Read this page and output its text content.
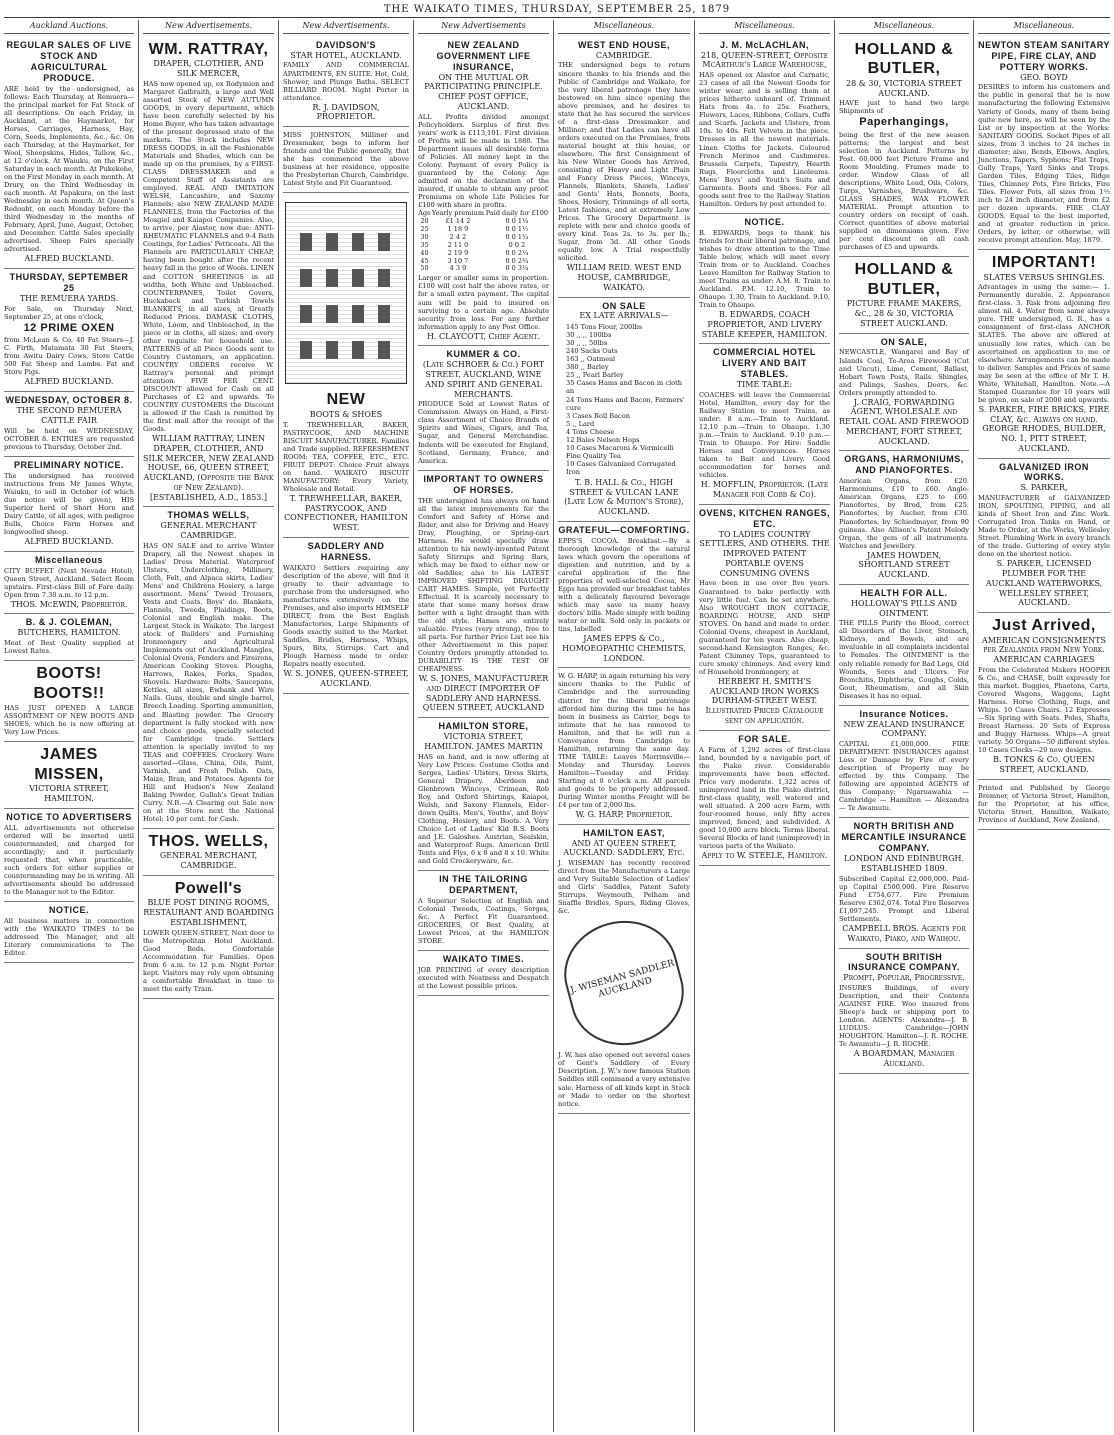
THE WAIKATO TIMES, THURSDAY, SEPTEMBER 25, 1879
Auckland Auctions.
REGULAR SALES OF LIVE STOCK AND AGRICULTURAL PRODUCE.

ARE held by the undersigned, as follows: Each Thursday, at Remuera—the principal market for Fat Stock of all descriptions. On each Friday, in Auckland, at the Haymarket, for Horses, Carriages, Harness, Hay, Corn, Seeds, Implements, &c., &c. On each Thursday, at the Haymarket, for Wool, Sheepskins, Hides, Tallow, &c., at 12 o'clock. At Waiuku, on the First Saturday in each month. At Pukekohe, on the First Monday in each month. At Drury, on the Third Wednesday in each month. At Papakura, on the last Wednesday in each month. At Queen's Redoubt, on each Monday before the third Wednesday in the months of February, April, June, August, October, and December. Cattle Sales specially advertised. Sheep Fairs specially advertised.

ALFRED BUCKLAND.
THURSDAY, SEPTEMBER 25
THE REMUERA YARDS.

For Sale, on Thursday Next, September 25, at one o'clock,

12 PRIME OXEN

from McLean & Co. 40 Fat Steers—J. C. Firth, Matamata 30 Fat Steers, from Awitu Dairy Cows, Store Cattle 500 Fat Sheep and Lambs. Fat and Store Pigs.

ALFRED BUCKLAND.
WEDNESDAY, OCTOBER 8.
THE SECOND REMUERA CATTLE FAIR

Will be held on WEDNESDAY, OCTOBER 8. ENTRIES are requested previous to Thursday, October 2nd.

PRELIMINARY NOTICE.

The undersigned has received instructions from Mr James Whyte, Waiuku, to sell in October (of which due notice will be given), HIS Superior herd of Short Horn and Dairy Cattle, of all ages, with pedigree Bulls, Choice Farm Horses and longwoolled sheep.

ALFRED BUCKLAND.
Miscellaneous

CITY BUFFET (Next Nevada Hotel), Queen Street, Auckland. Select Room upstairs. First-class Bill of Fare daily. Open from 7.30 a.m. to 12 p.m.

THOS. McEWIN, Proprietor.
B. & J. COLEMAN,
BUTCHERS, HAMILTON.

Meat of Best Quality supplied at Lowest Rates.

BOOTS! BOOTS!!

HAS JUST OPENED A LARGE ASSORTMENT OF NEW BOOTS AND SHOES, which he is now offering at Very Low Prices.

JAMES MISSEN,
VICTORIA STREET, HAMILTON.
NOTICE TO ADVERTISERS

ALL advertisements not otherwise ordered will be inserted until countermanded, and charged for accordingly; and it particularly requested that, when practicable, such orders for either supplies or countermanding may be in writing. All advertisements should be addressed to the Manager not to the Editor.

NOTICE.

All business matters in connection with the WAIKATO TIMES to be addressed The Manager, and all Literary communications to The Editor.

New Advertisements.
WM. RATTRAY,
DRAPER, CLOTHIER, AND SILK MERCER,

HAS now opened up, ex Rodymion and Margaret Galbraith, a large and Well assorted Stock of NEW AUTUMN GOODS, in every department, which have been carefully selected by his Home Buyer, who has taken advantage of the present depressed state of the markets. The Stock includes NEW DRESS GOODS, in all the Fashionable Materials and Shades, which can be made up on the premises, by a FIRST-CLASS DRESSMAKER and a Competent Staff of Assistants are employed. REAL AND IMITATION WELSH, Lancashire, and Saxony Flannels; also NEW ZEALAND MADE FLANNELS, from the Factories of the Mosgiel and Kaiapoi Companies. Also, to arrive, per Alastor, now due: ANTI-RHEUMATIC FLANNELS and 9-4 Bath Coatings, for Ladies' Petticoats. All the Flannels are PARTICULARLY CHEAP, having been bought after the recent heavy fall in the price of Wools. LINEN and COTTON SHEETINGS in all widths, both White and Unbleached. COUNTERPANES, Toilet Covers, Huckaback and Turkish Towels BLANKETS, in all sizes, at Greatly Reduced Prices. DAMASK CLOTHS, White, Loom, and Unbleached, in the piece or in cloths, all sizes; and every other requisite for household use. PATTERNS of all Piece Goods sent to Country Customers, on application. COUNTRY ORDERS receive W. Rattray's personal and prompt attention. FIVE PER CENT. DISCOUNT allowed for Cash on all Purchases of £2 and upwards. To COUNTRY CUSTOMERS the Discount is allowed if the Cash is remitted by the first mail after the receipt of the Goods.

WILLIAM RATTRAY, LINEN DRAPER, CLOTHIER, AND SILK MERCER, NEW ZEALAND HOUSE, 66, QUEEN STREET, AUCKLAND, (Opposite the Bank of New Zealand). [ESTABLISHED, A.D., 1853.]
THOMAS WELLS,
GENERAL MERCHANT CAMBRIDGE.

HAS ON SALE and to arrive Winter Drapery, all the Newest shapes in Ladies' Dress Material. Waterproof Ulsters, Underclothing, Millinery, Cloth, Felt, and Alpaca skirts, Ladies' Mens' and Childrens Hosiery, a large assortment. Mens' Tweed Trousers, Vests and Coats. Boys' do. Blankets, Flannels, Tweeds, Plaidings, Boots, Colonial and English make. The Largest Stock in Waikato. The largest stock of Builders' and Furnishing Ironmongery and Agricultural Implements out of Auckland. Mangles, Colonial Ovens, Fenders and Fireirons, American Cooking Stoves. Ploughs, Harrows, Rakes, Forks, Spades, Shovels. Hardware: Bolts, Saucepans, Kettles, all sizes, Ewbank and Wire Nails. Guns, double and single barrel, Breech Loading. Sporting ammunition, and Blasting powder. The Grocery department is fully stocked with new and choice goods, specially selected for Cambridge trade. Settlers attention is specially invited to my TEAS and COFFEES. Crockery Ware assorted—Glass, China, Oils, Paint, Varnish, and Fresh Polish. Oats, Maize, Bran, and Potatoes. Agents for Hill and Hudson's New Zealand Baking Powder, Gullah's Great Indian Curry. N.B.—A Clearing out Sale now on at the Store next the National Hotel; 10 per cent. for Cash.

THOS. WELLS,
GENERAL MERCHANT, CAMBRIDGE.
Powell's
BLUE POST DINING ROOMS, RESTAURANT AND BOARDING ESTABLISHMENT,

LOWER QUEEN-STREET, Next door to the Metropolitan Hotel Auckland. Good Beds. Comfortable Accommodation for Families. Open from 6 a.m. to 12 p.m. Night Porter kept. Visitors may rely upon obtaining a comfortable Breakfast in time to meet the early Train.

New Advertisements.
DAVIDSON'S
STAR HOTEL, AUCKLAND.

FAMILY AND COMMERCIAL APARTMENTS, EN SUITE. Hot, Cold, Shower, and Plunge Baths. SELECT BILLIARD ROOM. Night Porter in attendance.

R. J. DAVIDSON, PROPRIETOR.

MISS JOHNSTON, Milliner and Dressmaker, begs to inform her friends and the Public generally, that she has commenced the above business at her residence, opposite the Presbyterian Church, Cambridge. Latest Style and Fit Guaranteed.

NEW
BOOTS & SHOES

T. TREWHEELLAR, BAKER, PASTRYCOOK, AND MACHINE BISCUIT MANUFACTURER. Families and Trade supplied. REFRESHMENT ROOM: TEA, COFFEE, ETC., ETC. FRUIT DEPOT: Choice Fruit always on hand. WAIKATO BISCUIT MANUFACTORY: Every Variety, Wholesale and Retail.

T. TREWHEELLAR, BAKER, PASTRYCOOK, AND CONFECTIONER, HAMILTON WEST.
SADDLERY AND HARNESS.

WAIKATO Settlers requiring any description of the above, will find it greatly to their advantage to purchase from the undersigned, who manufactures extensively on the Premises, and also imports HIMSELF DIRECT, from the Best English Manufactories, Large Shipments of Goods exactly suited to the Market. Saddles, Bridles, Harness, Whips, Spurs, Bits, Stirrups. Cart and Plough Harness made to order. Repairs neatly executed.

W. S. JONES, QUEEN-STREET, AUCKLAND.
New Advertisements
NEW ZEALAND GOVERNMENT LIFE INSURANCE,
ON THE MUTUAL OR PARTICIPATING PRINCIPLE. CHIEF POST OFFICE, AUCKLAND.

ALL Profits divided amongst Policyholders. Surplus of first five years' work is £113,101. First division of Profits will be made in 1880. The Department issues all desirable forms of Policies. All money kept in the Colony. Payment of every Policy is guaranteed by the Colony. Age admitted on the declaration of the insured, if unable to obtain any proof. Premiums on whole Life Policies for £100 with share in profits.

Age	Yearly premium	Paid daily for £100
20	£1 14 2	0 0 1¼
25	1 18 9	0 0 1½
30	2 4 2	0 0 1¾
35	2 11 0	0 0 2
40	2 19 9	0 0 2¼
45	3 10 7	0 0 2¾
50	4 3 9	0 0 3¼

Larger or smaller sums in proportion. £100 will cost half the above rates, or for a small extra payment. The capital sum will be paid to insured on surviving to a certain age. Absolute security from loss. For any further information apply to any Post Office.

H. CLAYCOTT, Chief Agent.
KUMMER & CO.
(Late SCHROER & Co.) FORT STREET, AUCKLAND, WINE AND SPIRIT AND GENERAL MERCHANTS.

PRODUCE Sold at Lowest Rates of Commission. Always on Hand, a First-class Assortment of Choice Brands of Spirits and Wines, Cigars, and Tea, Sugar, and General Merchandise. Indents will be executed for England, Scotland, Germany, France, and America.

IMPORTANT TO OWNERS OF HORSES.

THE undersigned has always on hand all the latest improvements for the Comfort and Safety of Horse and Rider, and also for Driving and Heavy Dray, Ploughing, or Spring-cart Harness. He would specially draw attention to his newly-invented Patent Safety Stirrups and Spring Bars, which may be fixed to either new or old Saddles; also to his LATEST IMPROVED SHIFTING DRAUGHT CART HAMES. Simple, yet Perfectly Effectual. It is scarcely necessary to state that some many horses draw better with a light draught than with the old style. Hames are entirely valuable. Prices (very strong), free to all parts. For further Price List see his other Advertisement in this paper. Country Orders promptly attended to. DURABILITY IS THE TEST OF CHEAPNESS.

W. S. JONES, MANUFACTURER and DIRECT IMPORTER OF SADDLERY AND HARNESS. QUEEN STREET, AUCKLAND
HAMILTON STORE,
VICTORIA STREET, HAMILTON. JAMES MARTIN

HAS on hand, and is now offering at Very Low Prices: Costume Cloths and Serges, Ladies' Ulsters, Dress Skirts, General Drapery. Aberdeen and Glenbrown Winceys, Crimean, Rob Roy, and Oxford Shirtings, Kaiapoi, Welsh, and Saxony Flannels, Eider-down Quilts. Men's, Youths', and Boys' Clothing, Hosiery, and Boots. A Very Choice Lot of Ladies' Kid B.S. Boots and J.E. Galoshes. Austrian, Sealskin, and Waterproof Rugs. American Drill Tents and Flys, 6 x 8 and 8 x 10. White and Gold Crockeryware, &c.

IN THE TAILORING DEPARTMENT,

A Superior Selection of English and Colonial Tweeds, Coatings, Serges, &c. A Perfect Fit Guaranteed. GROCERIES, Of Best Quality, at Lowest Prices, at the HAMILTON STORE.

WAIKATO TIMES.

JOB PRINTING of every description executed with Neatness and Despatch at the Lowest possible prices.

Miscellaneous.
WEST END HOUSE,
CAMBRIDGE.

THE undersigned begs to return sincere thanks to his friends and the Public of Cambridge and Waikato, for the very liberal patronage they have bestowed on him since opening the above premises, and he desires to state that he has secured the services of a first-class Dressmaker and Milliner; and that Ladies can have all orders executed on the Premises, from material bought at this house, or elsewhere. The first Consignment of his New Winter Goods has Arrived, consisting of Heavy and Light Plain and Fancy Dress Pieces, Winceys, Flannels, Blankets, Shawls, Ladies' and Gents' Hats, Bonnets, Boots, Shoes, Hosiery, Trimmings of all sorts, Latest fashions, and at extremely Low Prices. The Grocery Department is replete with new and choice goods of every kind. Teas 2s. to 3s. per lb.; Sugar, from 3d. All other Goods equally low. A Trial respectfully solicited.

WILLIAM REID. WEST END HOUSE, CAMBRIDGE, WAIKATO.
ON SALE
EX LATE ARRIVALS—
145 Tons Flour, 200lbs
30 ,, ,, 100lbs
30 ,, ,, 50lbs
240 Sacks Oats
163 ,, Oatmeal
380 ,, Barley
25 ,, Pearl Barley
35 Cases Hams and Bacon in cloth an
24 Tons Hams and Bacon, Farmers' cure
3 Cases Roll Bacon
5 ,, Lard
4 Tons Cheese
12 Bales Nelson Hops
10 Cases Macaroni & Vermicelli
Fine Quality Tea
10 Cases Galvanized Corrugated Iron
T. B. HALL & Co., HIGH STREET & VULCAN LANE (Late Low & Motion's Store), AUCKLAND.
GRATEFUL—COMFORTING.

EPPS'S COCOA. Breakfast.—By a thorough knowledge of the natural laws which govern the operations of digestion and nutrition, and by a careful application of the fine properties of well-selected Cocoa, Mr Epps has provided our breakfast tables with a delicately flavoured beverage which may save us many heavy doctors' bills. Made simply with boiling water or milk. Sold only in packets or tins, labelled

JAMES EPPS & Co., HOMOEOPATHIC CHEMISTS, LONDON.

W. G. HARP, in again returning his very sincere thanks to the Public of Cambridge and the surrounding district for the liberal patronage afforded him during the time he has been in business as Carrier, begs to intimate that he has removed to Hamilton, and that he will run a Conveyance from Cambridge to Hamilton, returning the same day. TIME TABLE: Leaves Morrinsville—Monday and Thursday. Leaves Hamilton—Tuesday and Friday. Starting at 8 o'clock a.m. All parcels and goods to be properly addressed. During Winter months Freight will be £4 per ton of 2,000 lbs.

W. G. HARP, Proprietor.
HAMILTON EAST,
AND AT QUEEN STREET, AUCKLAND. SADDLERY, Etc.

J. WISEMAN has recently received direct from the Manufacturers a Large and Very Suitable Selection of Ladies' and Girls' Saddles, Patent Safety Stirrups, Weymouth, Pelham and Snaffle Bridles, Spurs, Riding Gloves, &c.

J. WISEMAN SADDLER AUCKLAND

J. W. has also opened out several cases of Gent's Saddlery of Every Description. J. W.'s now famous Station Saddles still command a very extensive sale. Harness of all kinds kept in Stock or Made to order on the shortest notice.

Miscellaneous.
J. M. McLACHLAN,
218, QUEEN-STREET, Opposite McArthur's Large Warehouse,

HAS opened ex Alastor and Carnatic, 23 cases of all the Newest Goods for winter wear, and is selling them at prices hitherto unheard of. Trimmed Hats from 4s. to 25s. Feathers, Flowers, Laces, Ribbons, Collars, Cuffs and Scarfs. Jackets and Ulsters, from 10s. to 40s. Felt Velvets in the piece. Dresses in all the newest materials. Linen Cloths for Jackets. Coloured French Merinos and Cashmeres. Brussels Carpets, Tapestry, Hearth Rugs, Floorcloths and Linoleums. Mens' Boys' and Youth's Suits and Garments. Boots and Shoes. For all goods sent free to the Railway Station Hamilton. Orders by post attended to.

NOTICE.

B. EDWARDS, begs to thank his friends for their liberal patronage, and wishes to draw attention to the Time Table below, which will meet every Train from or to Auckland. Coaches Leave Hamilton for Railway Station to meet Trains as under: A.M. 8. Train to Auckland. P.M. 12.10, Train to Ohaupo. 1.30, Train to Auckland. 9.10, Train to Ohaupo.

B. EDWARDS, COACH PROPRIETOR, AND LIVERY STABLE KEEPER, HAMILTON.
COMMERCIAL HOTEL LIVERY AND BAIT STABLES.
TIME TABLE:

COACHES will leave the Commercial Hotel, Hamilton, every day for the Railway Station to meet Trains, as under: 8 a.m.—Train to Auckland. 12.10 p.m.—Train to Ohaupo. 1.30 p.m.—Train to Auckland. 9.10 p.m.—Train to Ohaupo. For Hire: Saddle Horses and Conveyances. Horses taken to Bait and Livery. Good accommodation for horses and vehicles.

H. MOFFLIN, Proprietor. (Late Manager for Cobb & Co).
OVENS, KITCHEN RANGES, ETC.
TO LADIES COUNTRY SETTLERS, AND OTHERS. THE IMPROVED PATENT PORTABLE OVENS CONSUMING OVENS

Have been in use over five years. Guaranteed to bake perfectly with very little fuel. Can be set anywhere. Also WROUGHT IRON COTTAGE, BOARDING HOUSE, AND SHIP STOVES. On hand and made to order. Colonial Ovens, cheapest in Auckland, guaranteed for ten years. Also cheap, second-hand Kensington Ranges, &c. Patent Chimney Tops, guaranteed to cure smoky chimneys. And every kind of Household Ironmongery, at

HERBERT H. SMITH'S AUCKLAND IRON WORKS DURHAM-STREET WEST. Illustrated Priced Catalogue sent on application.
FOR SALE.

A Farm of 1,292 acres of first-class land, bounded by a navigable part of the Piako river. Considerable improvements have been effected. Price very moderate. 1,322 acres of unimproved land in the Piako district, first-class quality, well watered and well situated. A 200 acre Farm, with four-roomed house, only fifty acres improved, fenced, and subdivided. A good 10,000 acre block. Terms liberal. Several Blocks of land (unimproved) in various parts of the Waikato.

Apply to W. STEELE, Hamilton.
Miscellaneous.
HOLLAND & BUTLER,
28 & 30, VICTORIA STREET AUCKLAND.

HAVE just to hand two large Shipments of

Paperhangings,

being the first of the new season patterns; the largest and best selection in Auckland. Patterns by Post. 60,000 feet Picture Frame and Room Moulding. Frames made to order. Window Glass of all descriptions, White Lead, Oils, Colors, Turps, Varnishes, Brushware, &c. GLASS SHADES, WAX FLOWER MATERIAL. Prompt attention to country orders on receipt of cash. Correct quantities of above material supplied on dimensions given. Five per cent discount on all cash purchases of £5 and upwards.

HOLLAND & BUTLER,
PICTURE FRAME MAKERS, &c., 28 & 30, VICTORIA STREET AUCKLAND.
ON SALE,

NEWCASTLE, Wangarei and Bay of Islands Coal, Te-Aroa Firewood (Cut and Uncut), Lime, Cement, Ballast, Hobart Town Posts, Rails. Shingles, and Palings, Sashes, Doors, &c. Orders promptly attended to.

J. CRAIG, FORWARDING AGENT, WHOLESALE and RETAIL COAL AND FIREWOOD MERCHANT, FORT STREET, AUCKLAND.
ORGANS, HARMONIUMS, AND PIANOFORTES.

American Organs, from £20. Harmoniums, £10 to £60. Anglo-American Organs, £25 to £60. Pianofortes, by Brod, from £25. Pianofortes, by Aucher, from £30. Pianofortes, by Schiedmayer, from 90 guineas. Also Allison's Patent Melody Organ, the gem of all instruments. Watches and Jewellery.

JAMES HOWDEN, SHORTLAND STREET AUCKLAND.
HEALTH FOR ALL.
HOLLOWAY'S PILLS AND OINTMENT.

THE PILLS Purify the Blood, correct all Disorders of the Liver, Stomach, Kidneys, and Bowels, and are invaluable in all complaints incidental to Females. The OINTMENT is the only reliable remedy for Bad Legs, Old Wounds, Sores and Ulcers. For Bronchitis, Diphtheria, Coughs, Colds, Gout, Rheumatism, and all Skin Diseases it has no equal.

Insurance Notices.
NEW ZEALAND INSURANCE COMPANY.

CAPITAL £1,000,000. FIRE DEPARTMENT. INSURANCES against Loss or Damage by Fire of every description of Property may be effected by this Company. The following are appointed AGENTS of this Company: Ngaruawahia — Cambridge — Hamilton — Alexandra — Te Awamutu.

NORTH BRITISH AND MERCANTILE INSURANCE COMPANY.
LONDON AND EDINBURGH. ESTABLISHED 1809.

Subscribed Capital £2,000,000. Paid-up Capital £500,000. Fire Reserve Fund £754,677. Fire Premium Reserve £362,074. Total Fire Reserves £1,097,245. Prompt and Liberal Settlements.

CAMPBELL BROS. Agents for Waikato, Piako, and Waihou.
SOUTH BRITISH INSURANCE COMPANY.
Prompt, Popular, Progressive.

INSURES Buildings, of every Description, and their Contents AGAINST FIRE. Woo insured from Sheep's back or shipping port to London. AGENTS: Alexandra—J. B. LUDLUS. Cambridge—JOHN HOUGHTON. Hamilton—J. R. ROCHE. Te Awamutu—J. R. ROCHE.

A BOARDMAN, Manager Auckland.
Miscellaneous.
NEWTON STEAM SANITARY PIPE, FIRE CLAY, AND POTTERY WORKS.
GEO. BOYD

DESIRES to inform his customers and the public in general that he is now manufacturing the following Extensive Variety of Goods, many of them being quite new here, as will be seen by the List or by inspection at the Works: SANITARY GOODS. Socket Pipes of all sizes, from 3 inches to 24 inches in diameter; also, Bends, Elbows, Angles, Junctions, Tapers, Syphons; Flat Traps, Gully Traps, Yard Sinks and Traps. Garden Tiles, Edging Tiles, Ridge Tiles, Chimney Pots, Fire Bricks, Fire Tiles. Flower Pots, all sizes from 1½ inch to 24 inch diameter, and from £2 per dozen upwards. FIRE CLAY GOODS. Equal to the best imported, and at greater reduction in price. Orders, by letter, or otherwise, will receive prompt attention. May, 1879.

IMPORTANT!
SLATES VERSUS SHINGLES.

Advantages in using the same:— 1. Permanently durable. 2. Appearance first-class. 3. Risk from adjoining fire almost nil. 4. Water from same always pure. THE undersigned, G. R., has a consignment of first-class ANCHOR SLATES. The above are offered at unusually low rates, which can be ascertained on application to me or elsewhere. Arrangements can be made to deliver. Samples and Prices of same may be seen at the office of Mr T. H. White, Whitehall, Hamilton. Note.—A Stamped Guarantee for 10 years will be given, on sale of 2000 and upwards.

S. PARKER, FIRE BRICKS, FIRE CLAY, &c. Always on hand. GEORGE RHODES, BUILDER, NO. 1, PITT STREET, AUCKLAND.
GALVANIZED IRON WORKS.
S. PARKER,

MANUFACTURER of GALVANIZED IRON, SPOUTING, PIPING, and all kinds of Sheet Iron and Zinc Work. Corrugated Iron Tanks on Hand, or Made to Order, at the Works, Wellesley Street. Plumbing Work in every branch of the trade. Guttering of every style done on the shortest notice.

S. PARKER, LICENSED PLUMBER FOR THE AUCKLAND WATERWORKS, WELLESLEY STREET, AUCKLAND.
Just Arrived,
AMERICAN CONSIGNMENTS per Zealandia from New York. AMERICAN CARRIAGES

From the Celebrated Makers HOOPER & Co., and CHASE, built expressly for this market. Buggies, Phaetons, Carts, Covered Wagons, Waggons, Light Harness. Horse Clothing, Rugs, and Whips. 10 Cases Chairs. 12 Expresses—Six Spring with Seats. Poles, Shafts, Breast Harness. 20 Sets of Express and Buggy Harness. Whips—A great variety. 50 Organs—50 different styles. 10 Cases Clocks—20 new designs.

B. TONKS & Co. QUEEN STREET, AUCKLAND.

Printed and Published by George Bremner, of Victoria Street, Hamilton, for the Proprietor, at his office, Victoria Street, Hamilton, Waikato, Province of Auckland, New Zealand.
